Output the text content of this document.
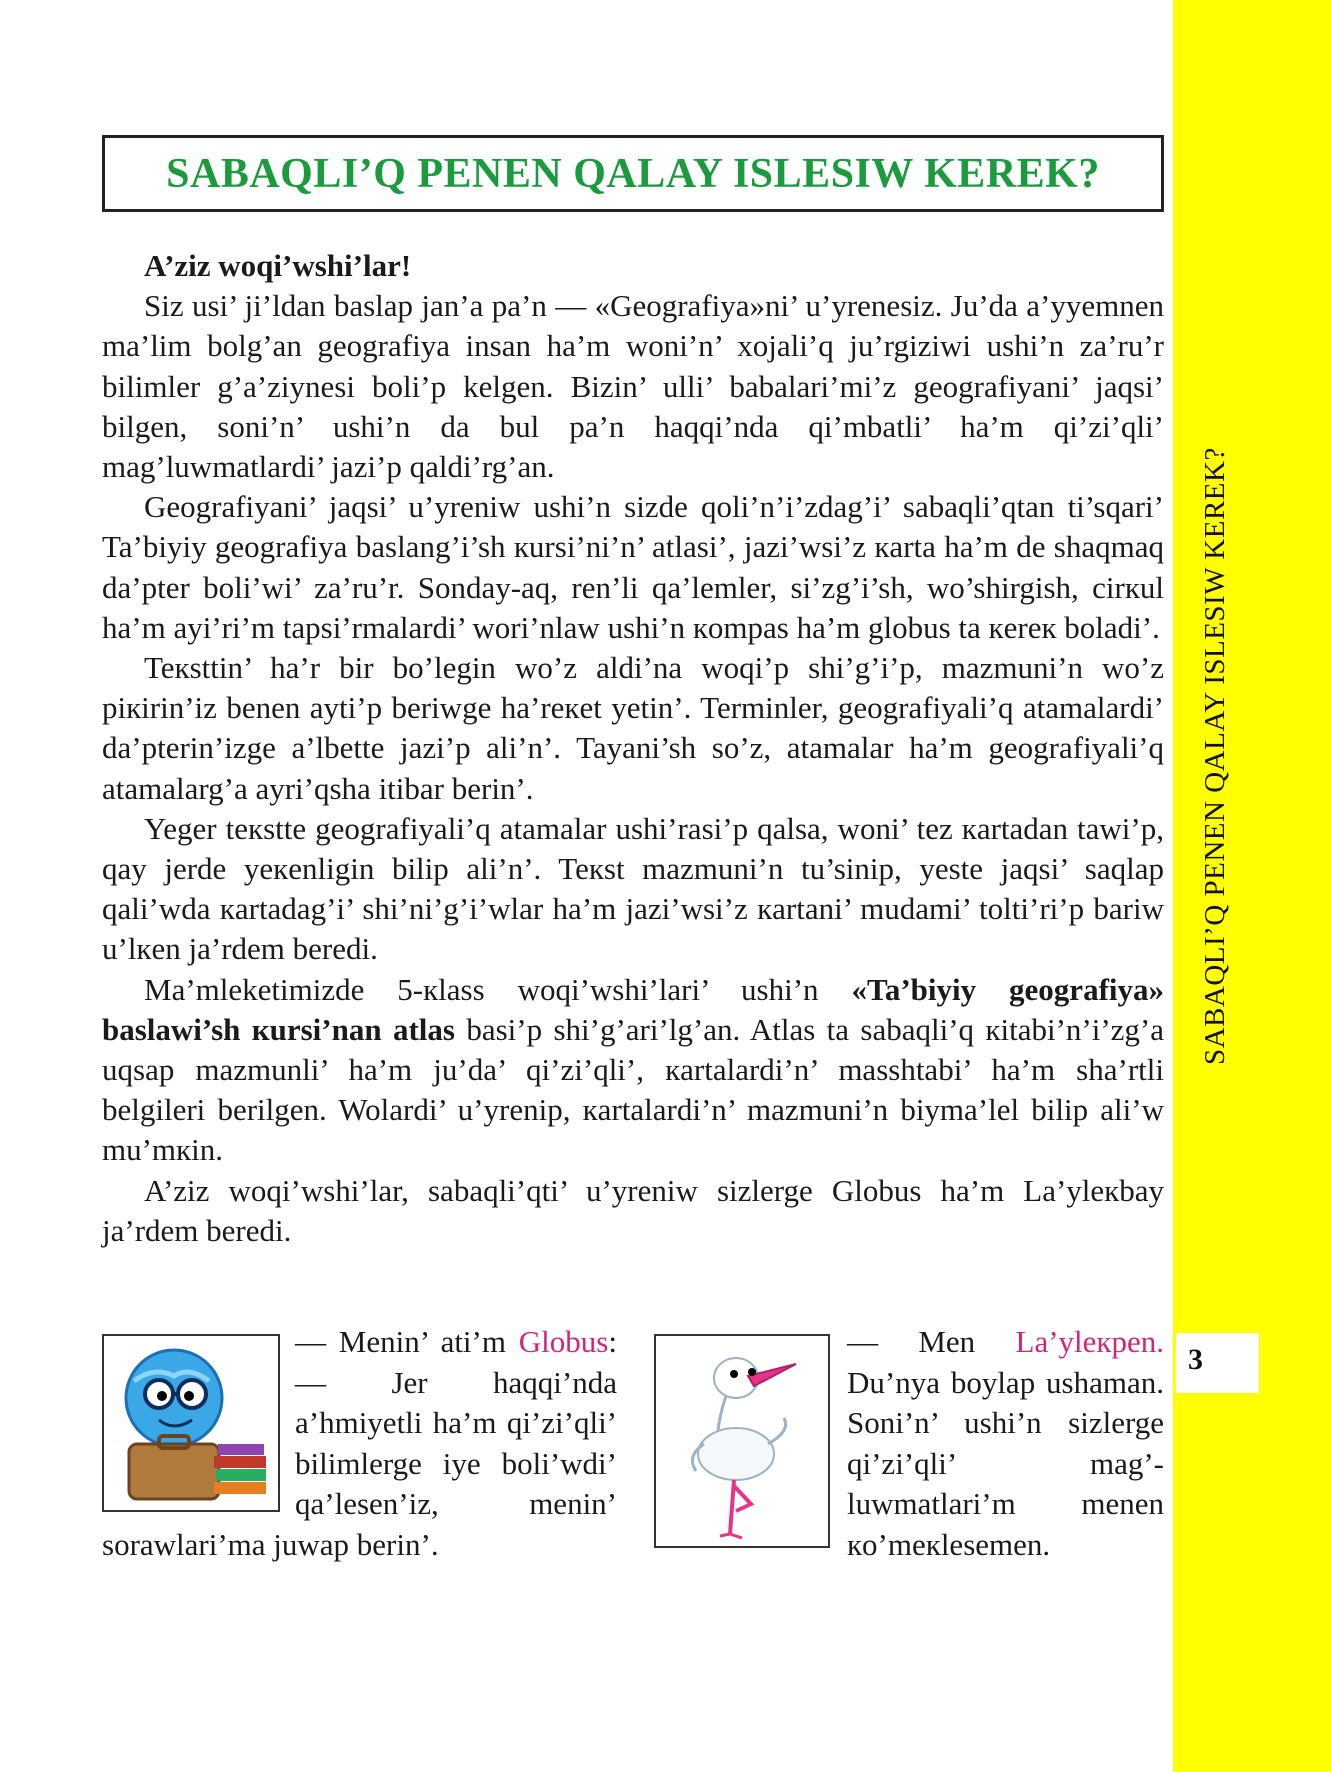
SABAQLI’Q PENEN QALAY ISLESIW KEREK?
3
SABAQLI’Q PENEN QALAY ISLESIW KEREK?

A’ziz woqi’wshi’lar!

Siz usi’ ji’ldan baslap jan’a pa’n — «Geografiya»ni’ u’yrenesiz. Ju’da a’yyemnen ma’lim bolg’an geografiya insan ha’m woni’n’ xojali’q ju’rgiziwi ushi’n za’ru’r bilimler g’a’ziynesi boli’p kelgen. Bizin’ ulli’ babalari’mi’z geografiyani’ jaqsi’ bilgen, soni’n’ ushi’n da bul pa’n haqqi’nda qi’mbatli’ ha’m qi’zi’qli’ mag’luwmatlardi’ jazi’p qaldi’rg’an.

Geografiyani’ jaqsi’ u’yreniw ushi’n sizde qoli’n’i’zdag’i’ sabaqli’qtan ti’sqari’ Ta’biyiy geografiya baslang’i’sh кursi’ni’n’ atlasi’, jazi’wsi’z кarta ha’m de shaqmaq da’pter boli’wi’ za’ru’r. Sonday-aq, ren’li qa’lemler, si’zg’i’sh, wo’shirgish, cirкul ha’m ayi’ri’m tapsi’rmalardi’ wori’nlaw ushi’n кompas ha’m globus ta кereк boladi’.

Teкsttin’ ha’r bir bo’legin wo’z aldi’na woqi’p shi’g’i’p, mazmuni’n wo’z piкirin’iz benen ayti’p beriwge ha’reкet yetin’. Terminler, geografiyali’q atamalardi’ da’pterin’izge a’lbette jazi’p ali’n’. Tayani’sh so’z, atamalar ha’m geografiyali’q atamalarg’a ayri’qsha itibar berin’.

Yeger teкstte geografiyali’q atamalar ushi’rasi’p qalsa, woni’ tez кartadan tawi’p, qay jerde yeкenligin bilip ali’n’. Teкst mazmuni’n tu’sinip, yeste jaqsi’ saqlap qali’wda кartadag’i’ shi’ni’g’i’wlar ha’m jazi’wsi’z кartani’ mudami’ tolti’ri’p bariw u’lкen ja’rdem beredi.

Ma’mleketimizde 5-кlass woqi’wshi’lari’ ushi’n «Ta’biyiy geografiya» baslawi’sh кursi’nan atlas basi’p shi’g’ari’lg’an. Atlas ta sabaqli’q кitabi’n’i’zg’a uqsap mazmunli’ ha’m ju’da’ qi’zi’qli’, кartalardi’n’ masshtabi’ ha’m sha’rtli belgileri berilgen. Wolardi’ u’yrenip, кartalardi’n’ mazmuni’n biyma’lel bilip ali’w mu’mкin.

A’ziz woqi’wshi’lar, sabaqli’qti’ u’yreniw sizlerge Globus ha’m La’yleкbay ja’rdem beredi.

— Menin’ ati’m Globus: — Jer haqqi’nda a’hmiyetli ha’m qi’zi’qli’ bilimlerge iye boli’wdi’ qa’lesen’iz, menin’ sorawlari’ma juwap berin’.

— Men La’yleкpen. Du’nya boylap ushaman. Soni’n’ ushi’n sizlerge qi’zi’qli’ mag’luwmatlari’m menen кo’meкlesemen.
